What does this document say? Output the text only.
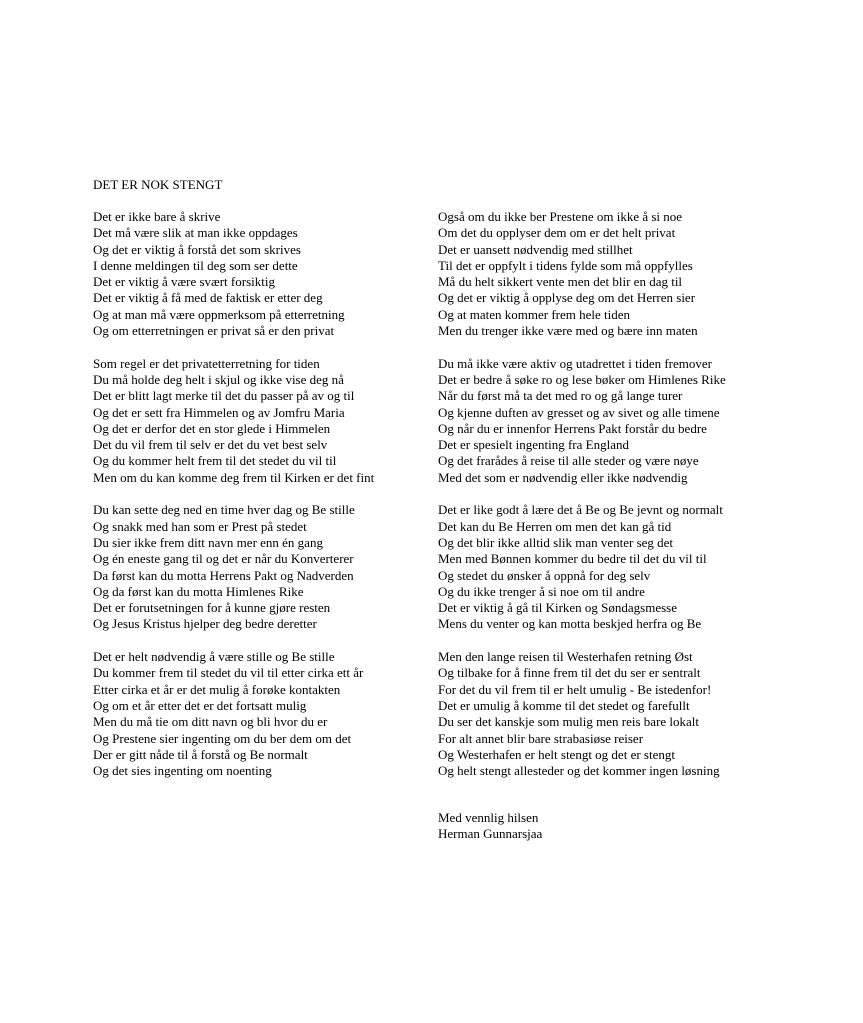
DET ER NOK STENGT
Det er ikke bare å skrive
Det må være slik at man ikke oppdages
Og det er viktig å forstå det som skrives
I denne meldingen til deg som ser dette
Det er viktig å være svært forsiktig
Det er viktig å få med de faktisk er etter deg
Og at man må være oppmerksom på etterretning
Og om etterretningen er privat så er den privat
Som regel er det privatetterretning for tiden
Du må holde deg helt i skjul og ikke vise deg nå
Det er blitt lagt merke til det du passer på av og til
Og det er sett fra Himmelen og av Jomfru Maria
Og det er derfor det en stor glede i Himmelen
Det du vil frem til selv er det du vet best selv
Og du kommer helt frem til det stedet du vil til
Men om du kan komme deg frem til Kirken er det fint
Du kan sette deg ned en time hver dag og Be stille
Og snakk med han som er Prest på stedet
Du sier ikke frem ditt navn mer enn én gang
Og én eneste gang til og det er når du Konverterer
Da først kan du motta Herrens Pakt og Nadverden
Og da først kan du motta Himlenes Rike
Det er forutsetningen for å kunne gjøre resten
Og Jesus Kristus hjelper deg bedre deretter
Det er helt nødvendig å være stille og Be stille
Du kommer frem til stedet du vil til etter cirka ett år
Etter cirka et år er det mulig å forøke kontakten
Og om et år etter det er det fortsatt mulig
Men du må tie om ditt navn og bli hvor du er
Og Prestene sier ingenting om du ber dem om det
Der er gitt nåde til å forstå og Be normalt
Og det sies ingenting om noenting
Også om du ikke ber Prestene om ikke å si noe
Om det du opplyser dem om er det helt privat
Det er uansett nødvendig med stillhet
Til det er oppfylt i tidens fylde som må oppfylles
Må du helt sikkert vente men det blir en dag til
Og det er viktig å opplyse deg om det Herren sier
Og at maten kommer frem hele tiden
Men du trenger ikke være med og bære inn maten
Du må ikke være aktiv og utadrettet i tiden fremover
Det er bedre å søke ro og lese bøker om Himlenes Rike
Når du først må ta det med ro og gå lange turer
Og kjenne duften av gresset og av sivet og alle timene
Og når du er innenfor Herrens Pakt forstår du bedre
Det er spesielt ingenting fra England
Og det frarådes å reise til alle steder og være nøye
Med det som er nødvendig eller ikke nødvendig
Det er like godt å lære det å Be og Be jevnt og normalt
Det kan du Be Herren om men det kan gå tid
Og det blir ikke alltid slik man venter seg det
Men med Bønnen kommer du bedre til det du vil til
Og stedet du ønsker å oppnå for deg selv
Og du ikke trenger å si noe om til andre
Det er viktig å gå til Kirken og Søndagsmesse
Mens du venter og kan motta beskjed herfra og Be
Men den lange reisen til Westerhafen retning Øst
Og tilbake for å finne frem til det du ser er sentralt
For det du vil frem til er helt umulig - Be istedenfor!
Det er umulig å komme til det stedet og farefullt
Du ser det kanskje som mulig men reis bare lokalt
For alt annet blir bare strabasiøse reiser
Og Westerhafen er helt stengt og det er stengt
Og helt stengt allesteder og det kommer ingen løsning
Med vennlig hilsen
Herman Gunnarsjaa
